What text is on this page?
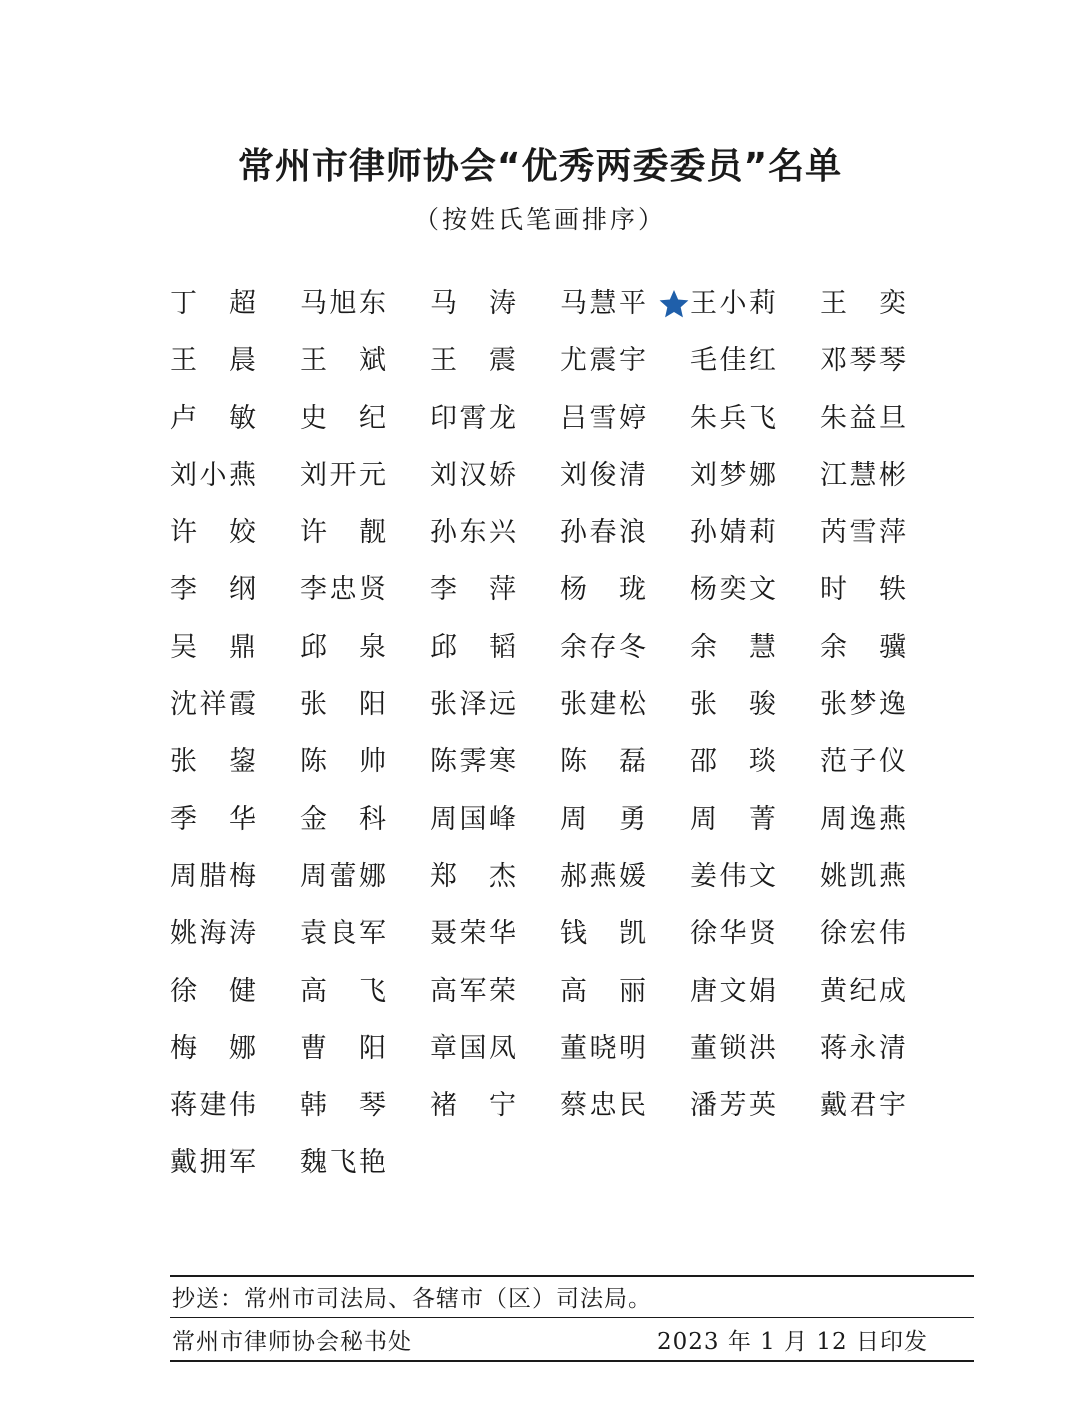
常州市律师协会“优秀两委委员”名单

（按姓氏笔画排序）

丁 超 马 旭 东 马 涛 马 慧 平 王 小 莉 王 奕
王 晨 王 斌 王 震 尤 震 宇 毛 佳 红 邓 琴 琴
卢 敏 史 纪 印 霄 龙 吕 雪 婷 朱 兵 飞 朱 益 旦
刘 小 燕 刘 开 元 刘 汉 娇 刘 俊 清 刘 梦 娜 江 慧 彬
许 姣 许 靓 孙 东 兴 孙 春 浪 孙 婧 莉 芮 雪 萍
李 纲 李 忠 贤 李 萍 杨 珑 杨 奕 文 时 轶
吴 鼎 邱 泉 邱 韬 余 存 冬 余 慧 余 骥
沈 祥 霞 张 阳 张 泽 远 张 建 松 张 骏 张 梦 逸
张 鋆 陈 帅 陈 霁 寒 陈 磊 邵 琰 范 子 仪
季 华 金 科 周 国 峰 周 勇 周 菁 周 逸 燕
周 腊 梅 周 蕾 娜 郑 杰 郝 燕 媛 姜 伟 文 姚 凯 燕
姚 海 涛 袁 良 军 聂 荣 华 钱 凯 徐 华 贤 徐 宏 伟
徐 健 高 飞 高 军 荣 高 丽 唐 文 娟 黄 纪 成
梅 娜 曹 阳 章 国 凤 董 晓 明 董 锁 洪 蒋 永 清
蒋 建 伟 韩 琴 褚 宁 蔡 忠 民 潘 芳 英 戴 君 宇
戴 拥 军 魏 飞 艳
抄送：常州市司法局、各辖市（区）司法局。
常州市律师协会秘书处	2023 年 1 月 12 日印发
